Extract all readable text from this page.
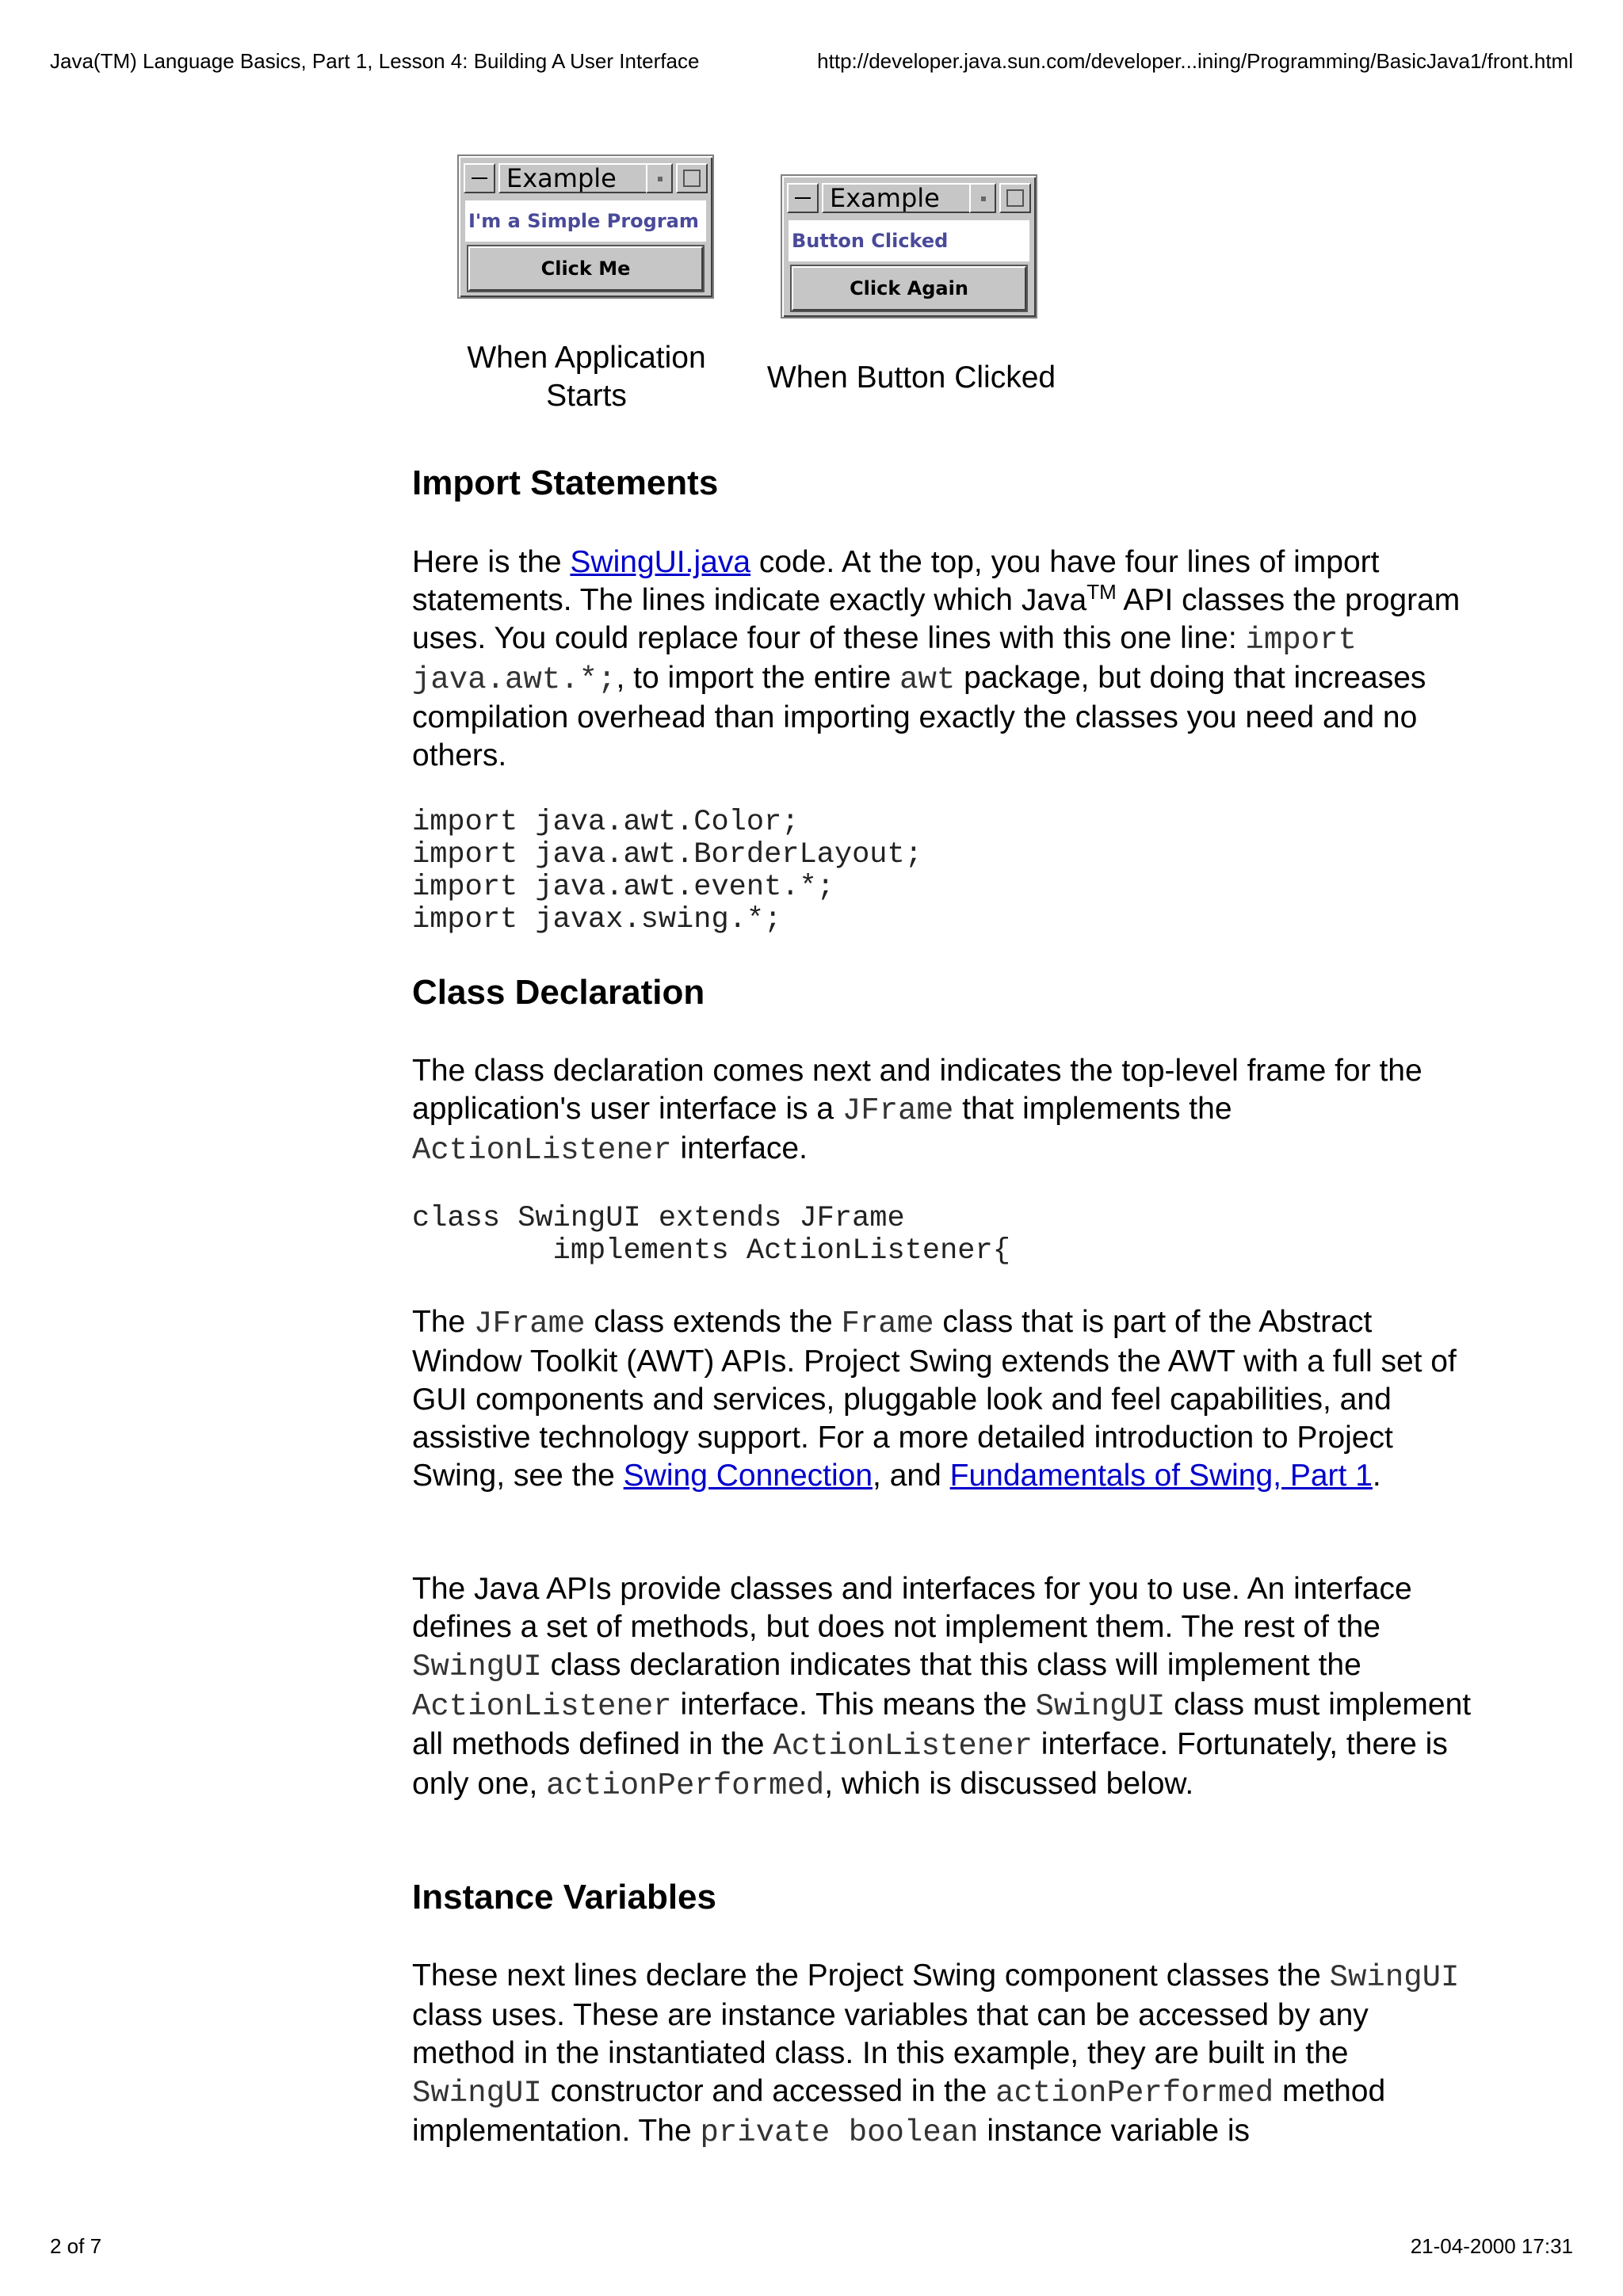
Java(TM) Language Basics, Part 1, Lesson 4: Building A User Interface	http://developer.java.sun.com/developer...ining/Programming/BasicJava1/front.html
Example
I'm a Simple Program
Click Me
When Application Starts
Example
Button Clicked
Click Again
When Button Clicked
Import Statements

Here is the SwingUI.java code. At the top, you have four lines of import statements. The lines indicate exactly which Java™ API classes the program uses. You could replace four of these lines with this one line: import java.awt.*;, to import the entire awt package, but doing that increases compilation overhead than importing exactly the classes you need and no others.

import java.awt.Color;
import java.awt.BorderLayout;
import java.awt.event.*;
import javax.swing.*;
Class Declaration

The class declaration comes next and indicates the top-level frame for the application's user interface is a JFrame that implements the ActionListener interface.

class SwingUI extends JFrame
implements ActionListener{

The JFrame class extends the Frame class that is part of the Abstract Window Toolkit (AWT) APIs. Project Swing extends the AWT with a full set of GUI components and services, pluggable look and feel capabilities, and assistive technology support. For a more detailed introduction to Project Swing, see the Swing Connection, and Fundamentals of Swing, Part 1.

The Java APIs provide classes and interfaces for you to use. An interface defines a set of methods, but does not implement them. The rest of the SwingUI class declaration indicates that this class will implement the ActionListener interface. This means the SwingUI class must implement all methods defined in the ActionListener interface. Fortunately, there is only one, actionPerformed, which is discussed below.

Instance Variables

These next lines declare the Project Swing component classes the SwingUI class uses. These are instance variables that can be accessed by any method in the instantiated class. In this example, they are built in the SwingUI constructor and accessed in the actionPerformed method implementation. The private boolean instance variable is

2 of 7	21-04-2000 17:31
